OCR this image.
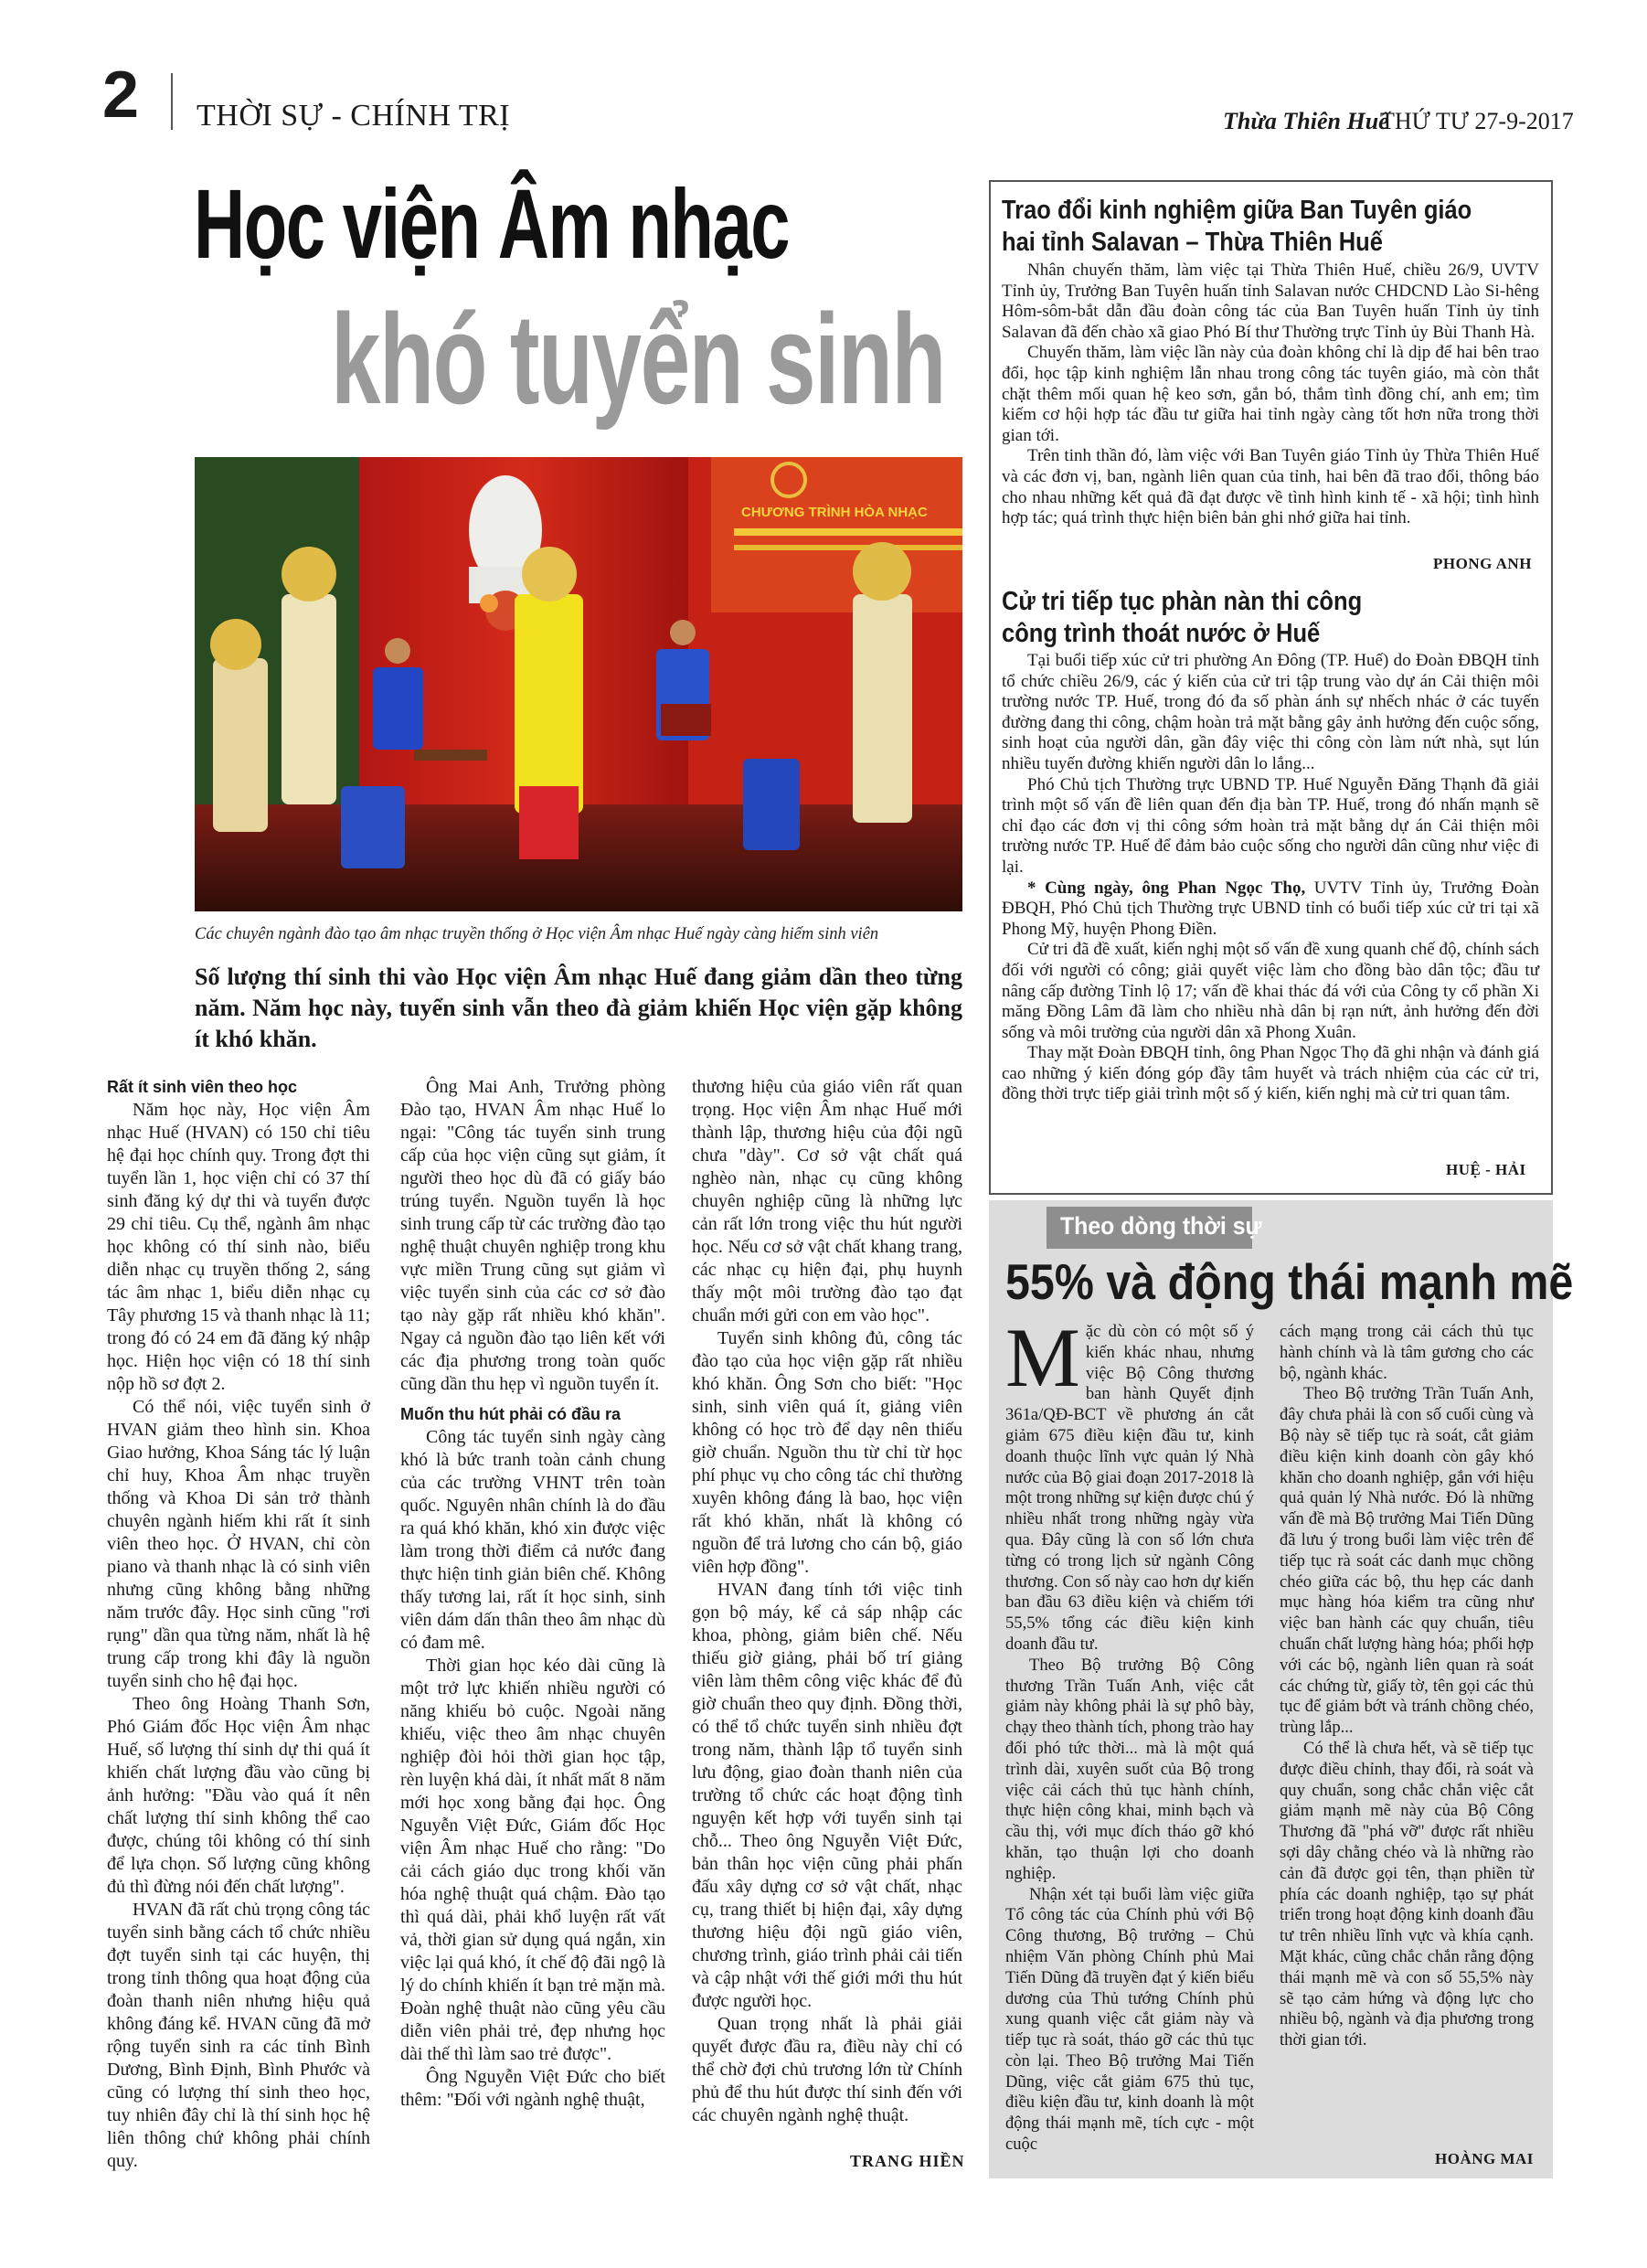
2 THỜI SỰ - CHÍNH TRỊ	Thừa Thiên Huế
THỨ TƯ 27-9-2017
Học viện Âm nhạc
khó tuyển sinh
CHƯƠNG TRÌNH HÒA NHẠC
Các chuyên ngành đào tạo âm nhạc truyền thống ở Học viện Âm nhạc Huế ngày càng hiếm sinh viên
Số lượng thí sinh thi vào Học viện Âm nhạc Huế đang giảm dần theo từng năm. Năm học này, tuyển sinh vẫn theo đà giảm khiến Học viện gặp không ít khó khăn.

Rất ít sinh viên theo học

Năm học này, Học viện Âm nhạc Huế (HVAN) có 150 chỉ tiêu hệ đại học chính quy. Trong đợt thi tuyển lần 1, học viện chỉ có 37 thí sinh đăng ký dự thi và tuyển được 29 chỉ tiêu. Cụ thể, ngành âm nhạc học không có thí sinh nào, biểu diễn nhạc cụ truyền thống 2, sáng tác âm nhạc 1, biểu diễn nhạc cụ Tây phương 15 và thanh nhạc là 11; trong đó có 24 em đã đăng ký nhập học. Hiện học viện có 18 thí sinh nộp hồ sơ đợt 2.

Có thể nói, việc tuyển sinh ở HVAN giảm theo hình sin. Khoa Giao hưởng, Khoa Sáng tác lý luận chỉ huy, Khoa Âm nhạc truyền thống và Khoa Di sản trở thành chuyên ngành hiếm khi rất ít sinh viên theo học. Ở HVAN, chỉ còn piano và thanh nhạc là có sinh viên nhưng cũng không bằng những năm trước đây. Học sinh cũng "rơi rụng" dần qua từng năm, nhất là hệ trung cấp trong khi đây là nguồn tuyển sinh cho hệ đại học.

Theo ông Hoàng Thanh Sơn, Phó Giám đốc Học viện Âm nhạc Huế, số lượng thí sinh dự thi quá ít khiến chất lượng đầu vào cũng bị ảnh hưởng: "Đầu vào quá ít nên chất lượng thí sinh không thể cao được, chúng tôi không có thí sinh để lựa chọn. Số lượng cũng không đủ thì đừng nói đến chất lượng".

HVAN đã rất chủ trọng công tác tuyển sinh bằng cách tổ chức nhiều đợt tuyển sinh tại các huyện, thị trong tỉnh thông qua hoạt động của đoàn thanh niên nhưng hiệu quả không đáng kể. HVAN cũng đã mở rộng tuyển sinh ra các tỉnh Bình Dương, Bình Định, Bình Phước và cũng có lượng thí sinh theo học, tuy nhiên đây chỉ là thí sinh học hệ liên thông chứ không phải chính quy.

Ông Mai Anh, Trưởng phòng Đào tạo, HVAN Âm nhạc Huế lo ngại: "Công tác tuyển sinh trung cấp của học viện cũng sụt giảm, ít người theo học dù đã có giấy báo trúng tuyển. Nguồn tuyển là học sinh trung cấp từ các trường đào tạo nghệ thuật chuyên nghiệp trong khu vực miền Trung cũng sụt giảm vì việc tuyển sinh của các cơ sở đào tạo này gặp rất nhiều khó khăn". Ngay cả nguồn đào tạo liên kết với các địa phương trong toàn quốc cũng dần thu hẹp vì nguồn tuyển ít.

Muốn thu hút phải có đầu ra

Công tác tuyển sinh ngày càng khó là bức tranh toàn cảnh chung của các trường VHNT trên toàn quốc. Nguyên nhân chính là do đầu ra quá khó khăn, khó xin được việc làm trong thời điểm cả nước đang thực hiện tinh giản biên chế. Không thấy tương lai, rất ít học sinh, sinh viên dám dấn thân theo âm nhạc dù có đam mê.

Thời gian học kéo dài cũng là một trở lực khiến nhiều người có năng khiếu bỏ cuộc. Ngoài năng khiếu, việc theo âm nhạc chuyên nghiệp đòi hỏi thời gian học tập, rèn luyện khá dài, ít nhất mất 8 năm mới học xong bằng đại học. Ông Nguyễn Việt Đức, Giám đốc Học viện Âm nhạc Huế cho rằng: "Do cải cách giáo dục trong khối văn hóa nghệ thuật quá chậm. Đào tạo thì quá dài, phải khổ luyện rất vất vả, thời gian sử dụng quá ngắn, xin việc lại quá khó, ít chế độ đãi ngộ là lý do chính khiến ít bạn trẻ mặn mà. Đoàn nghệ thuật nào cũng yêu cầu diễn viên phải trẻ, đẹp nhưng học dài thế thì làm sao trẻ được".

Ông Nguyễn Việt Đức cho biết thêm: "Đối với ngành nghệ thuật,

thương hiệu của giáo viên rất quan trọng. Học viện Âm nhạc Huế mới thành lập, thương hiệu của đội ngũ chưa "dày". Cơ sở vật chất quá nghèo nàn, nhạc cụ cũng không chuyên nghiệp cũng là những lực cản rất lớn trong việc thu hút người học. Nếu cơ sở vật chất khang trang, các nhạc cụ hiện đại, phụ huynh thấy một môi trường đào tạo đạt chuẩn mới gửi con em vào học".

Tuyển sinh không đủ, công tác đào tạo của học viện gặp rất nhiều khó khăn. Ông Sơn cho biết: "Học sinh, sinh viên quá ít, giảng viên không có học trò để dạy nên thiếu giờ chuẩn. Nguồn thu từ chỉ từ học phí phục vụ cho công tác chỉ thường xuyên không đáng là bao, học viện rất khó khăn, nhất là không có nguồn để trả lương cho cán bộ, giáo viên hợp đồng".

HVAN đang tính tới việc tinh gọn bộ máy, kể cả sáp nhập các khoa, phòng, giảm biên chế. Nếu thiếu giờ giảng, phải bố trí giảng viên làm thêm công việc khác để đủ giờ chuẩn theo quy định. Đồng thời, có thể tổ chức tuyển sinh nhiều đợt trong năm, thành lập tổ tuyển sinh lưu động, giao đoàn thanh niên của trường tổ chức các hoạt động tình nguyện kết hợp với tuyển sinh tại chỗ... Theo ông Nguyễn Việt Đức, bản thân học viện cũng phải phấn đấu xây dựng cơ sở vật chất, nhạc cụ, trang thiết bị hiện đại, xây dựng thương hiệu đội ngũ giáo viên, chương trình, giáo trình phải cải tiến và cập nhật với thế giới mới thu hút được người học.

Quan trọng nhất là phải giải quyết được đầu ra, điều này chỉ có thể chờ đợi chủ trương lớn từ Chính phủ để thu hút được thí sinh đến với các chuyên ngành nghệ thuật.

TRANG HIỀN
Trao đổi kinh nghiệm giữa Ban Tuyên giáo
hai tỉnh Salavan – Thừa Thiên Huế

Nhân chuyến thăm, làm việc tại Thừa Thiên Huế, chiều 26/9, UVTV Tỉnh ủy, Trưởng Ban Tuyên huấn tỉnh Salavan nước CHDCND Lào Si-hêng Hôm-sôm-bắt dẫn đầu đoàn công tác của Ban Tuyên huấn Tỉnh ủy tỉnh Salavan đã đến chào xã giao Phó Bí thư Thường trực Tỉnh ủy Bùi Thanh Hà.

Chuyến thăm, làm việc lần này của đoàn không chỉ là dịp để hai bên trao đổi, học tập kinh nghiệm lẫn nhau trong công tác tuyên giáo, mà còn thắt chặt thêm mối quan hệ keo sơn, gắn bó, thắm tình đồng chí, anh em; tìm kiếm cơ hội hợp tác đầu tư giữa hai tỉnh ngày càng tốt hơn nữa trong thời gian tới.

Trên tinh thần đó, làm việc với Ban Tuyên giáo Tỉnh ủy Thừa Thiên Huế và các đơn vị, ban, ngành liên quan của tỉnh, hai bên đã trao đổi, thông báo cho nhau những kết quả đã đạt được về tình hình kinh tế - xã hội; tình hình hợp tác; quá trình thực hiện biên bản ghi nhớ giữa hai tỉnh.

PHONG ANH
Cử tri tiếp tục phàn nàn thi công
công trình thoát nước ở Huế

Tại buổi tiếp xúc cử tri phường An Đông (TP. Huế) do Đoàn ĐBQH tỉnh tổ chức chiều 26/9, các ý kiến của cử tri tập trung vào dự án Cải thiện môi trường nước TP. Huế, trong đó đa số phàn ánh sự nhếch nhác ở các tuyến đường đang thi công, chậm hoàn trả mặt bằng gây ảnh hưởng đến cuộc sống, sinh hoạt của người dân, gần đây việc thi công còn làm nứt nhà, sụt lún nhiều tuyến đường khiến người dân lo lắng...

Phó Chủ tịch Thường trực UBND TP. Huế Nguyễn Đăng Thạnh đã giải trình một số vấn đề liên quan đến địa bàn TP. Huế, trong đó nhấn mạnh sẽ chỉ đạo các đơn vị thi công sớm hoàn trả mặt bằng dự án Cải thiện môi trường nước TP. Huế để đảm bảo cuộc sống cho người dân cũng như việc đi lại.

* Cùng ngày, ông Phan Ngọc Thọ, UVTV Tỉnh ủy, Trưởng Đoàn ĐBQH, Phó Chủ tịch Thường trực UBND tỉnh có buổi tiếp xúc cử tri tại xã Phong Mỹ, huyện Phong Điền.

Cử tri đã đề xuất, kiến nghị một số vấn đề xung quanh chế độ, chính sách đối với người có công; giải quyết việc làm cho đồng bào dân tộc; đầu tư nâng cấp đường Tỉnh lộ 17; vấn đề khai thác đá với của Công ty cổ phần Xi măng Đồng Lâm đã làm cho nhiều nhà dân bị rạn nứt, ảnh hưởng đến đời sống và môi trường của người dân xã Phong Xuân.

Thay mặt Đoàn ĐBQH tỉnh, ông Phan Ngọc Thọ đã ghi nhận và đánh giá cao những ý kiến đóng góp đầy tâm huyết và trách nhiệm của các cử tri, đồng thời trực tiếp giải trình một số ý kiến, kiến nghị mà cử tri quan tâm.

HUỆ - HẢI
Theo dòng thời sự
55% và động thái mạnh mẽ
M ặc dù còn có một số ý kiến khác nhau, nhưng việc Bộ Công thương ban hành Quyết định 361a/QĐ-BCT về phương án cắt giảm 675 điều kiện đầu tư, kinh doanh thuộc lĩnh vực quản lý Nhà nước của Bộ giai đoạn 2017-2018 là một trong những sự kiện được chú ý nhiều nhất trong những ngày vừa qua. Đây cũng là con số lớn chưa từng có trong lịch sử ngành Công thương. Con số này cao hơn dự kiến ban đầu 63 điều kiện và chiếm tới 55,5% tổng các điều kiện kinh doanh đầu tư.

Theo Bộ trưởng Bộ Công thương Trần Tuấn Anh, việc cắt giảm này không phải là sự phô bày, chạy theo thành tích, phong trào hay đối phó tức thời... mà là một quá trình dài, xuyên suốt của Bộ trong việc cải cách thủ tục hành chính, thực hiện công khai, minh bạch và cầu thị, với mục đích tháo gỡ khó khăn, tạo thuận lợi cho doanh nghiệp.

Nhận xét tại buổi làm việc giữa Tổ công tác của Chính phủ với Bộ Công thương, Bộ trưởng – Chủ nhiệm Văn phòng Chính phủ Mai Tiến Dũng đã truyền đạt ý kiến biểu dương của Thủ tướng Chính phủ xung quanh việc cắt giảm này và tiếp tục rà soát, tháo gỡ các thủ tục còn lại. Theo Bộ trưởng Mai Tiến Dũng, việc cắt giảm 675 thủ tục, điều kiện đầu tư, kinh doanh là một động thái mạnh mẽ, tích cực - một cuộc

cách mạng trong cải cách thủ tục hành chính và là tâm gương cho các bộ, ngành khác.

Theo Bộ trưởng Trần Tuấn Anh, đây chưa phải là con số cuối cùng và Bộ này sẽ tiếp tục rà soát, cắt giảm điều kiện kinh doanh còn gây khó khăn cho doanh nghiệp, gắn với hiệu quả quản lý Nhà nước. Đó là những vấn đề mà Bộ trưởng Mai Tiến Dũng đã lưu ý trong buổi làm việc trên để tiếp tục rà soát các danh mục chồng chéo giữa các bộ, thu hẹp các danh mục hàng hóa kiểm tra cũng như việc ban hành các quy chuẩn, tiêu chuẩn chất lượng hàng hóa; phối hợp với các bộ, ngành liên quan rà soát các chứng từ, giấy tờ, tên gọi các thủ tục để giảm bớt và tránh chồng chéo, trùng lắp...

Có thể là chưa hết, và sẽ tiếp tục được điều chỉnh, thay đổi, rà soát và quy chuẩn, song chắc chắn việc cắt giảm mạnh mẽ này của Bộ Công Thương đã "phá vỡ" được rất nhiều sợi dây chằng chéo và là những rào cản đã được gọi tên, thạn phiền từ phía các doanh nghiệp, tạo sự phát triển trong hoạt động kinh doanh đầu tư trên nhiều lĩnh vực và khía cạnh. Mặt khác, cũng chắc chắn rằng động thái mạnh mẽ và con số 55,5% này sẽ tạo cảm hứng và động lực cho nhiều bộ, ngành và địa phương trong thời gian tới.

HOÀNG MAI
